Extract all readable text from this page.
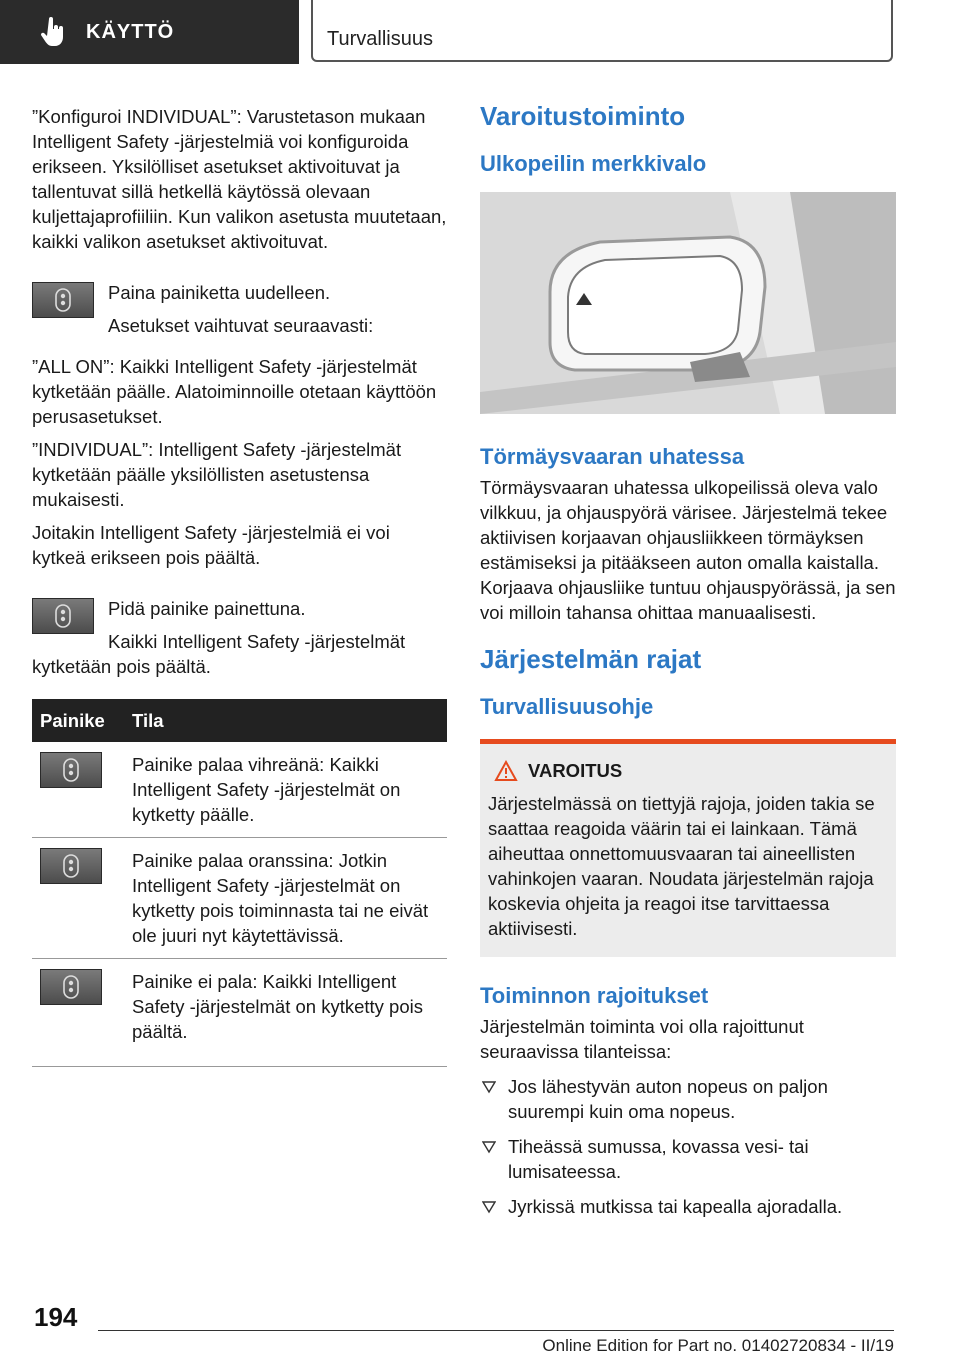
KÄYTTÖ	Turvallisuus

”Konfiguroi INDIVIDUAL”: Varustetason mukaan Intelligent Safety -järjestelmiä voi konfiguroida erikseen. Yksilölliset asetukset aktivoituvat ja tallentuvat sillä hetkellä käytössä olevaan kuljettajaprofiiliin. Kun valikon asetusta muutetaan, kaikki valikon asetukset aktivoituvat.

Paina painiketta uudelleen.

Asetukset vaihtuvat seuraavasti:

”ALL ON”: Kaikki Intelligent Safety -järjestelmät kytketään päälle. Alatoiminnoille otetaan käyttöön perusasetukset.

”INDIVIDUAL”: Intelligent Safety -järjestelmät kytketään päälle yksilöllisten asetustensa mukaisesti.

Joitakin Intelligent Safety -järjestelmiä ei voi kytkeä erikseen pois päältä.

Pidä painike painettuna.

Kaikki Intelligent Safety -järjestelmät kytketään pois päältä.

Painike	Tila

	Painike palaa vihreänä: Kaikki Intelligent Safety -järjestelmät on kytketty päälle.

	Painike palaa oranssina: Jotkin Intelligent Safety -järjestelmät on kytketty pois toiminnasta tai ne eivät ole juuri nyt käytettävissä.

	Painike ei pala: Kaikki Intelligent Safety -järjestelmät on kytketty pois päältä.
Varoitustoiminto
Ulkopeilin merkkivalo
Törmäysvaaran uhatessa

Törmäysvaaran uhatessa ulkopeilissä oleva valo vilkkuu, ja ohjauspyörä värisee. Järjestelmä tekee aktiivisen korjaavan ohjausliikkeen törmäyksen estämiseksi ja pitääkseen auton omalla kaistalla. Korjaava ohjausliike tuntuu ohjauspyörässä, ja sen voi milloin tahansa ohittaa manuaalisesti.

Järjestelmän rajat
Turvallisuusohje
VAROITUS

Järjestelmässä on tiettyjä rajoja, joiden takia se saattaa reagoida väärin tai ei lainkaan. Tämä aiheuttaa onnettomuusvaaran tai aineellisten vahinkojen vaaran. Noudata järjestelmän rajoja koskevia ohjeita ja reagoi itse tarvittaessa aktiivisesti.

Toiminnon rajoitukset

Järjestelmän toiminta voi olla rajoittunut seuraavissa tilanteissa:

Jos lähestyvän auton nopeus on paljon suurempi kuin oma nopeus.
Tiheässä sumussa, kovassa vesi- tai lumisateessa.
Jyrkissä mutkissa tai kapealla ajoradalla.
194
Online Edition for Part no. 01402720834 - II/19
